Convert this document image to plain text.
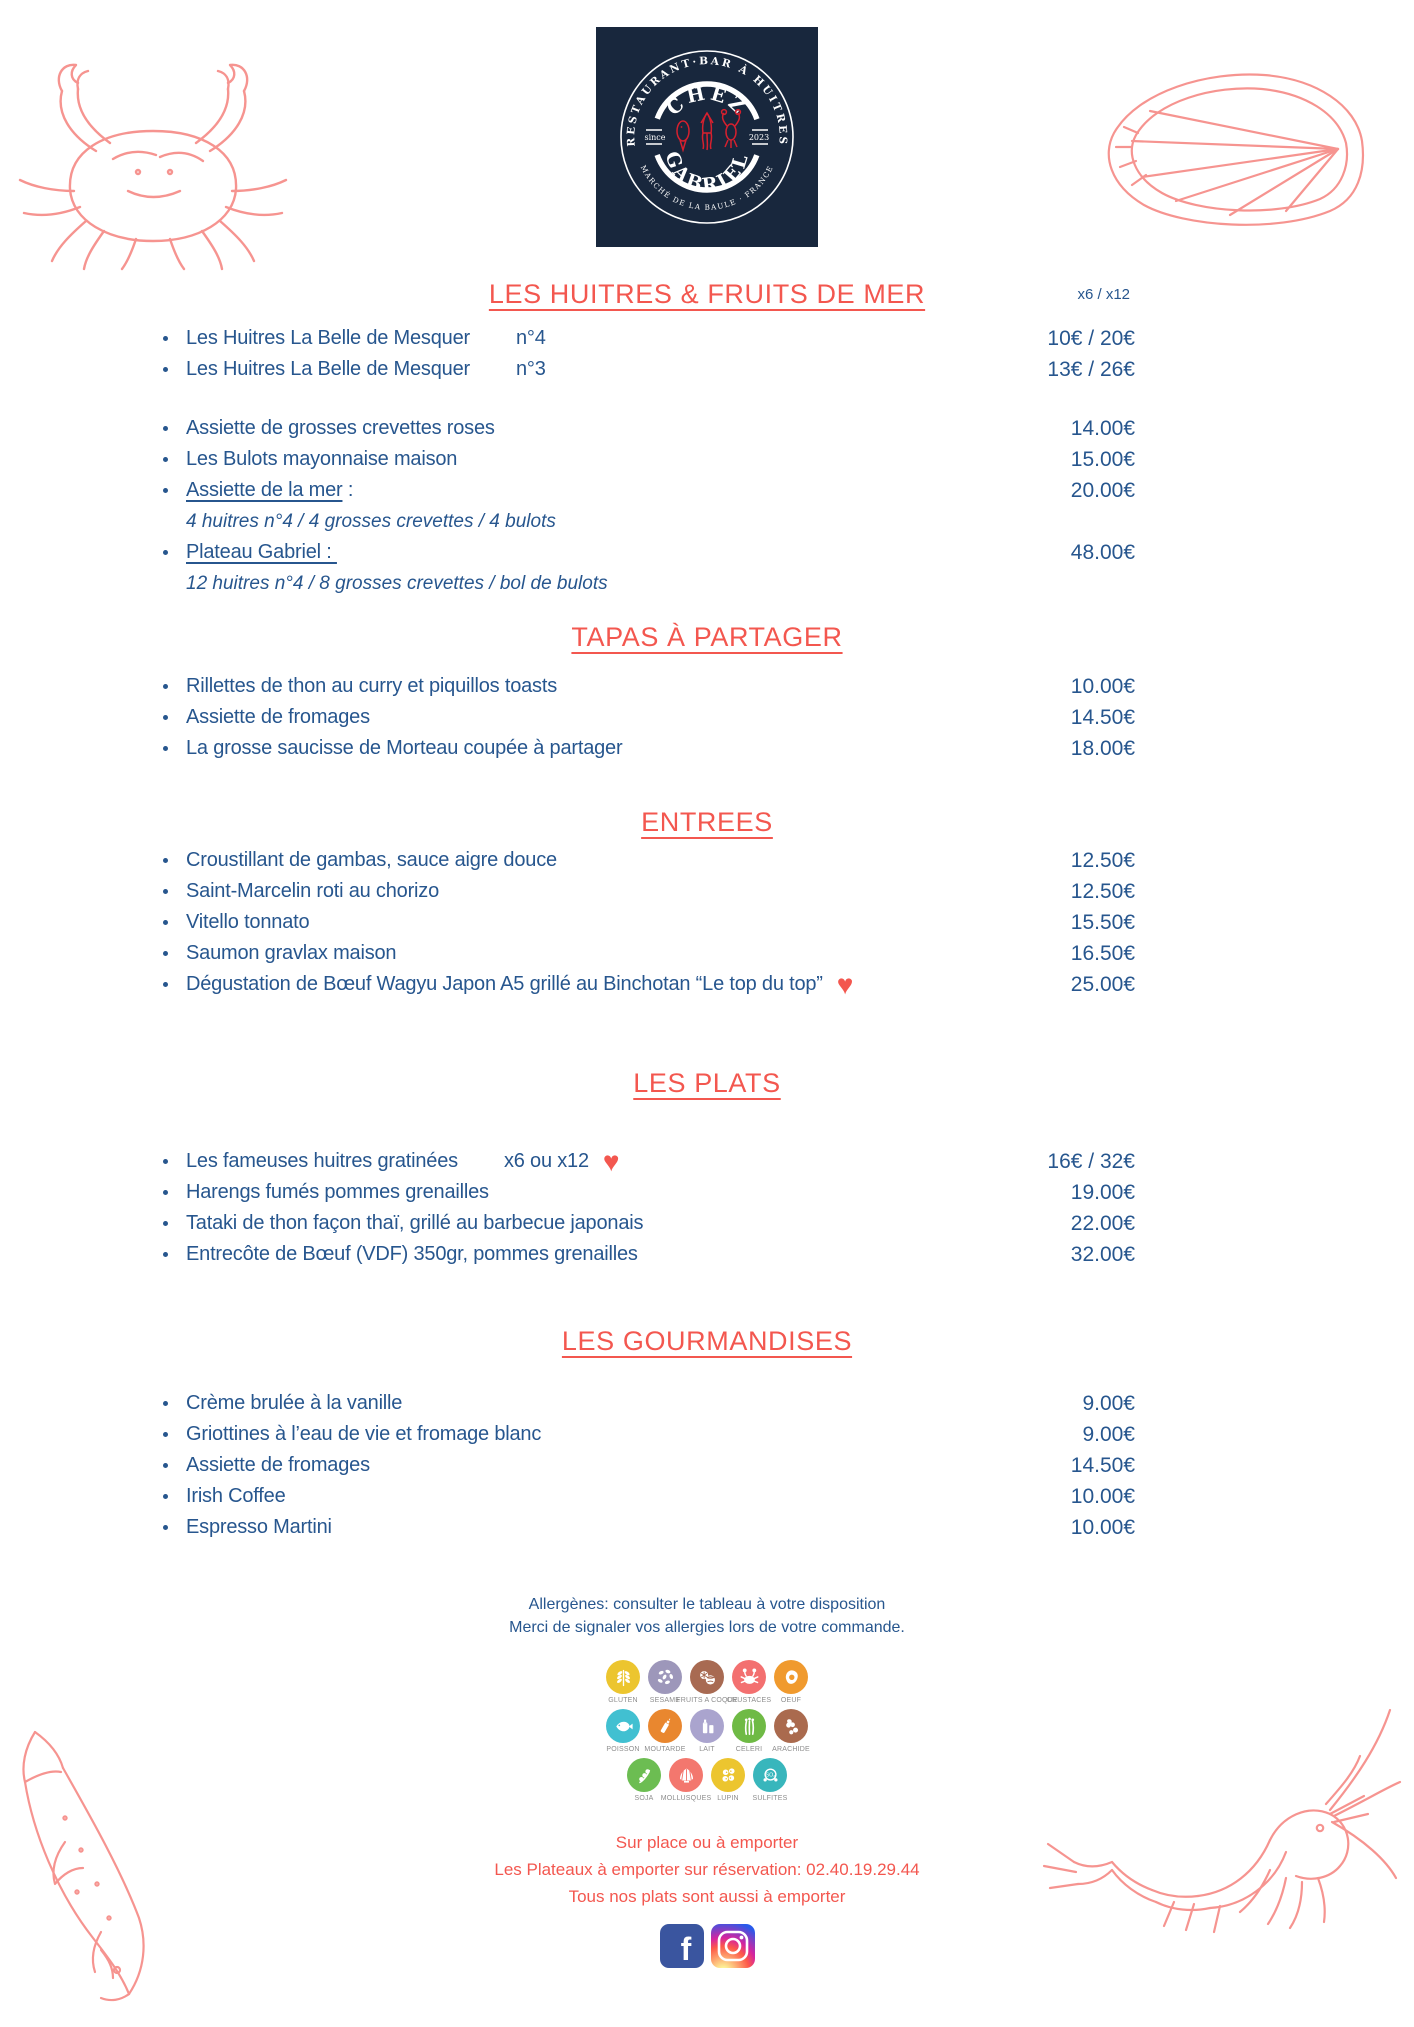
RESTAURANT·BAR À HUITRES
MARCHÉ DE LA BAULE · FRANCE
CHEZ
GABRIEL
since	2023
LES HUITRES & FRUITS DE MER	x6 / x12
Les Huitres La Belle de Mesquer n°4	10€ / 20€
Les Huitres La Belle de Mesquer n°3	13€ / 26€
Assiette de grosses crevettes roses	14.00€
Les Bulots mayonnaise maison	15.00€
Assiette de la mer :	20.00€
4 huitres n°4 / 4 grosses crevettes / 4 bulots
Plateau Gabriel :	48.00€
12 huitres n°4 / 8 grosses crevettes / bol de bulots
TAPAS À PARTAGER
Rillettes de thon au curry et piquillos toasts	10.00€
Assiette de fromages	14.50€
La grosse saucisse de Morteau coupée à partager	18.00€
ENTREES
Croustillant de gambas, sauce aigre douce	12.50€
Saint-Marcelin roti au chorizo	12.50€
Vitello tonnato	15.50€
Saumon gravlax maison	16.50€
Dégustation de Bœuf Wagyu Japon A5 grillé au Binchotan “Le top du top” ♥	25.00€
LES PLATS
Les fameuses huitres gratinées x6 ou x12 ♥	16€ / 32€
Harengs fumés pommes grenailles	19.00€
Tataki de thon façon thaï, grillé au barbecue japonais	22.00€
Entrecôte de Bœuf (VDF) 350gr, pommes grenailles	32.00€
LES GOURMANDISES
Crème brulée à la vanille	9.00€
Griottines à l’eau de vie et fromage blanc	9.00€
Assiette de fromages	14.50€
Irish Coffee	10.00€
Espresso Martini	10.00€
Allergènes: consulter le tableau à votre disposition
Merci de signaler vos allergies lors de votre commande.
GLUTEN SESAME
FRUITS A COQUE
CRUSTACES OEUF
POISSON MOUTARDE LAIT	CELERI ARACHIDE
SOJA MOLLUSQUES LUPIN
SO₂
SULFITES
Sur place ou à emporter
Les Plateaux à emporter sur réservation: 02.40.19.29.44
Tous nos plats sont aussi à emporter
f
